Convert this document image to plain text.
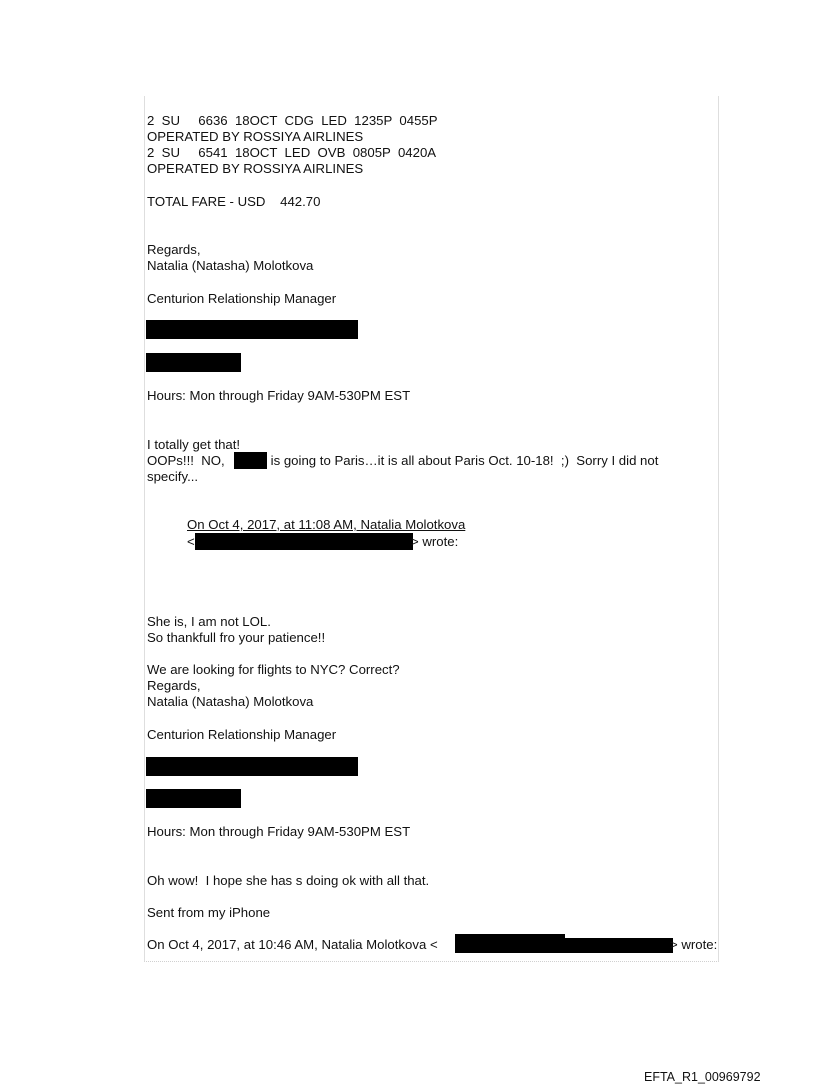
2  SU     6636  18OCT  CDG  LED  1235P  0455P

OPERATED BY ROSSIYA AIRLINES

2  SU     6541  18OCT  LED  OVB  0805P  0420A

OPERATED BY ROSSIYA AIRLINES

TOTAL FARE - USD    442.70

Regards,

Natalia (Natasha) Molotkova

Centurion Relationship Manager

Hours: Mon through Friday 9AM-530PM EST

I totally get that!

OOPs!!!  NO,	is going to Paris…it is all about Paris Oct. 10-18!  ;)  Sorry I did not

specify...

On Oct 4, 2017, at 11:08 AM, Natalia Molotkova

<	> wrote:

She is, I am not LOL.

So thankfull fro your patience!!

We are looking for flights to NYC? Correct?

Regards,

Natalia (Natasha) Molotkova

Centurion Relationship Manager

Hours: Mon through Friday 9AM-530PM EST

Oh wow!  I hope she has s doing ok with all that.

Sent from my iPhone

On Oct 4, 2017, at 10:46 AM, Natalia Molotkova <	> wrote:

EFTA_R1_00969792
